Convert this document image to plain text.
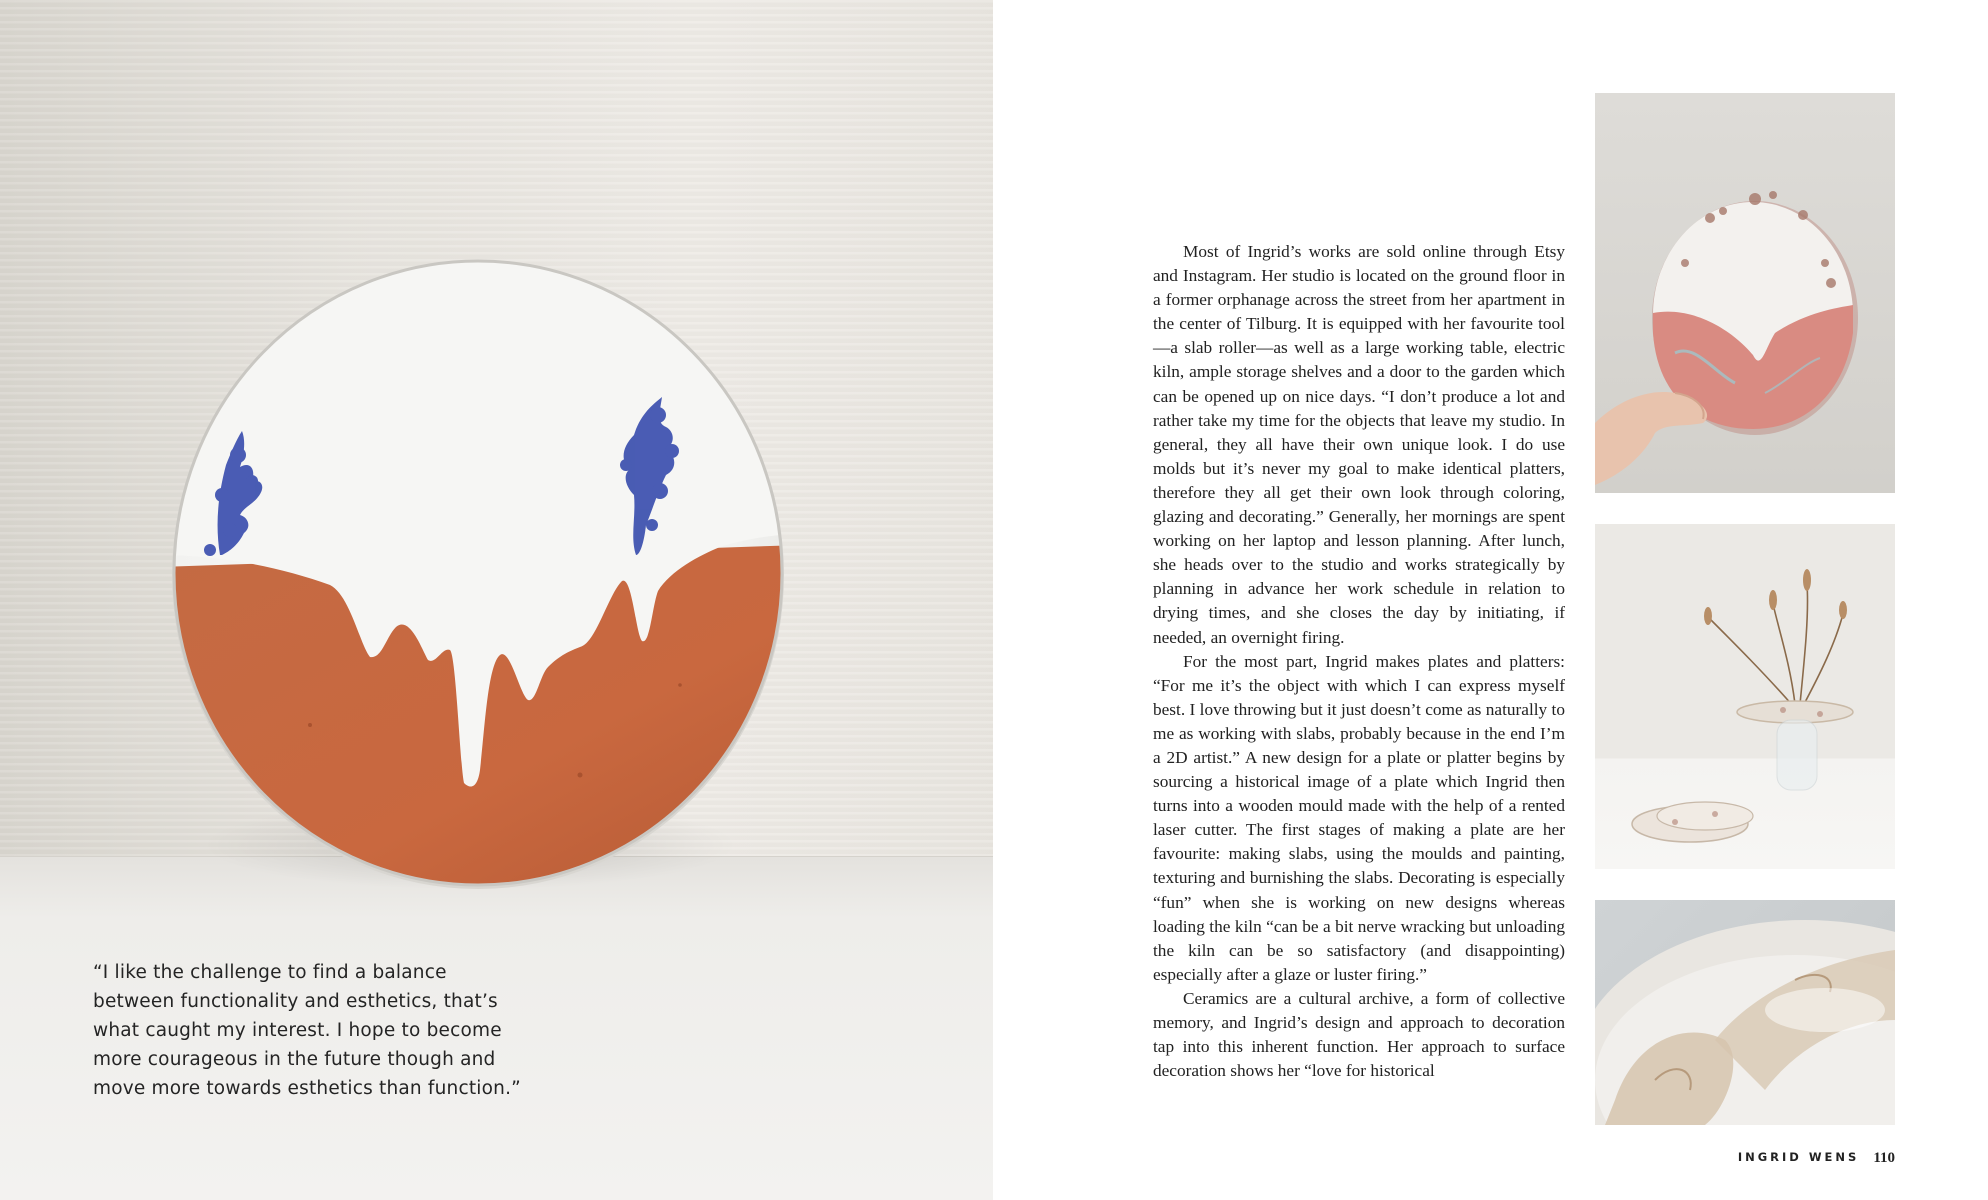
“I like the challenge to find a balance between functionality and esthetics, that’s what caught my interest. I hope to become more courageous in the future though and move more towards esthetics than function.”

Most of Ingrid’s works are sold online through Etsy and Instagram. Her studio is located on the ground floor in a former orphanage across the street from her apartment in the center of Tilburg. It is equipped with her favourite tool—a slab roller—as well as a large working table, electric kiln, ample storage shelves and a door to the garden which can be opened up on nice days. “I don’t produce a lot and rather take my time for the objects that leave my studio. In general, they all have their own unique look. I do use molds but it’s never my goal to make identical platters, therefore they all get their own look through coloring, glazing and decorating.” Generally, her mornings are spent working on her laptop and lesson planning. After lunch, she heads over to the studio and works strategically by planning in advance her work schedule in relation to drying times, and she closes the day by initiating, if needed, an overnight firing.

For the most part, Ingrid makes plates and platters: “For me it’s the object with which I can express myself best. I love throwing but it just doesn’t come as naturally to me as working with slabs, probably because in the end I’m a 2D artist.” A new design for a plate or platter begins by sourcing a historical image of a plate which Ingrid then turns into a wooden mould made with the help of a rented laser cutter. The first stages of making a plate are her favourite: making slabs, using the moulds and painting, texturing and burnishing the slabs. Decorating is especially “fun” when she is working on new designs whereas loading the kiln “can be a bit nerve wracking but unloading the kiln can be so satisfactory (and disappointing) especially after a glaze or luster firing.”

Ceramics are a cultural archive, a form of collective memory, and Ingrid’s design and approach to decoration tap into this inherent function. Her approach to surface decoration shows her “love for historical

INGRID WENS 110
